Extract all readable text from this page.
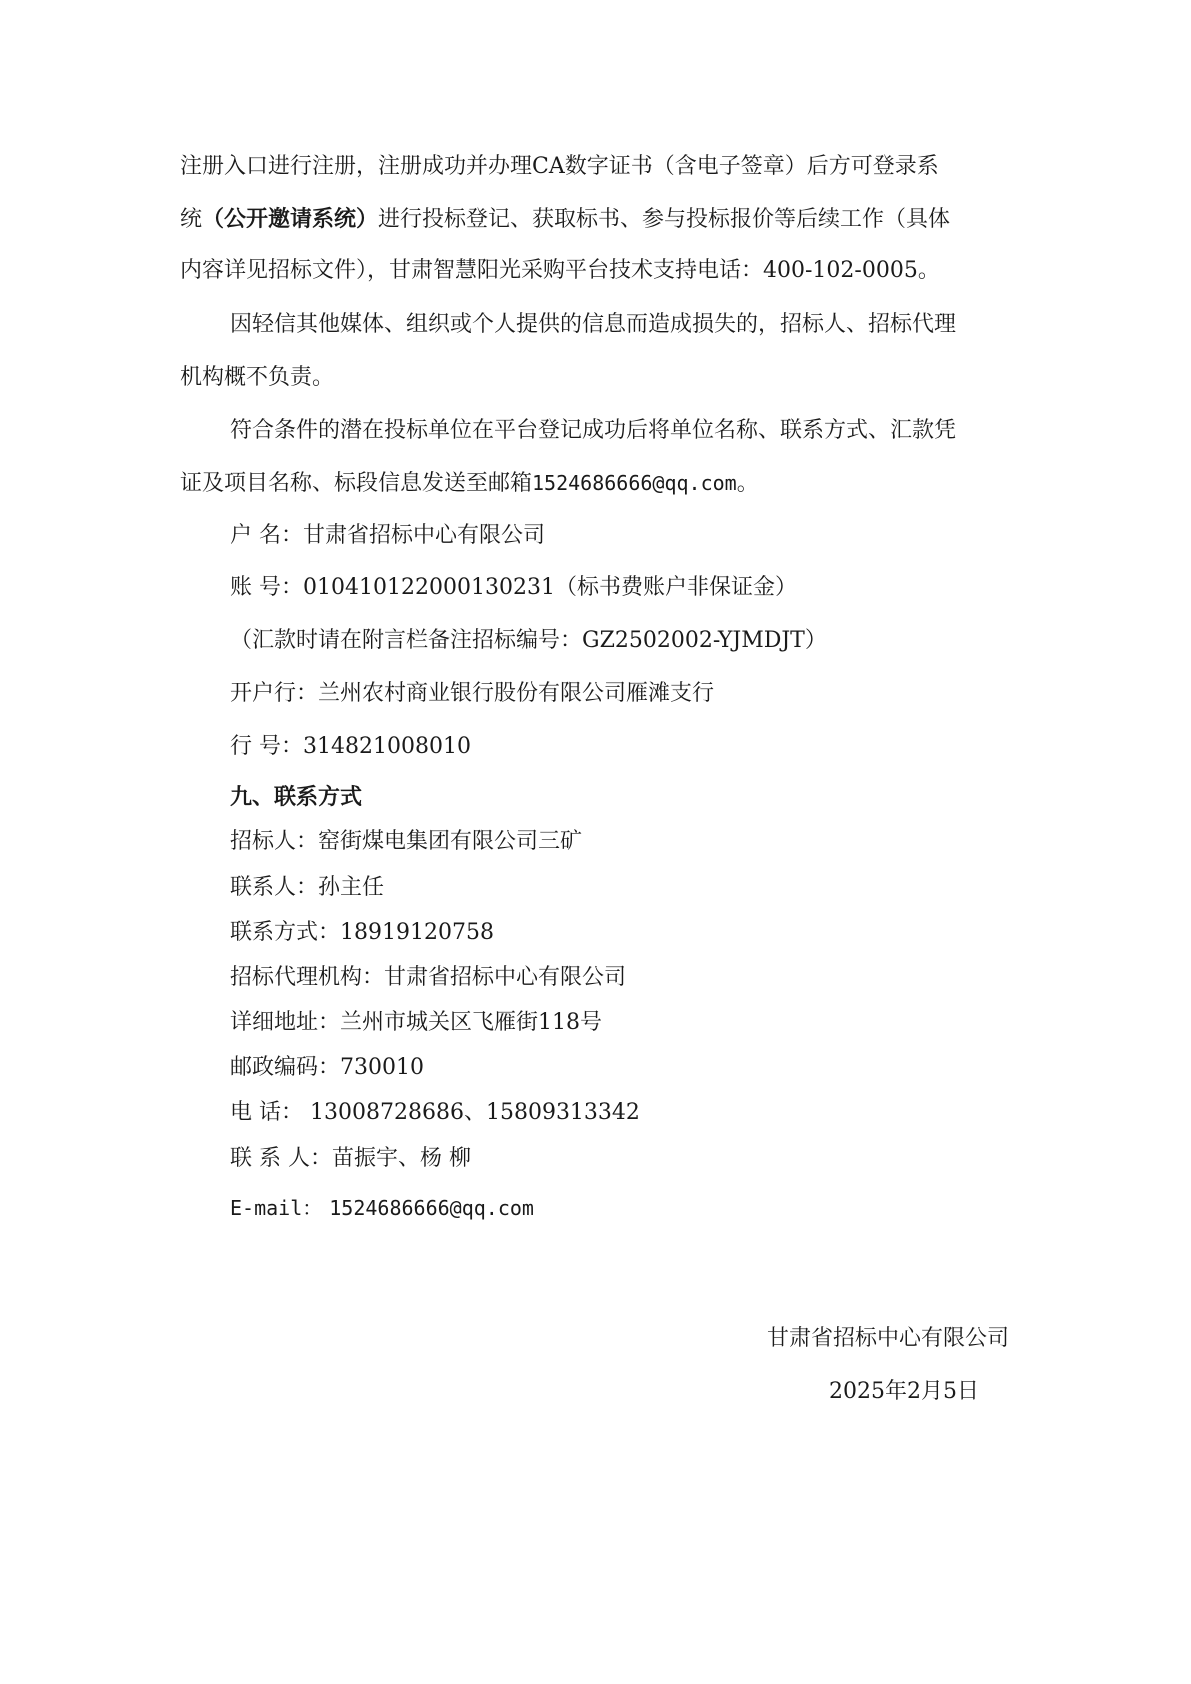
注册入口进行注册，注册成功并办理CA数字证书（含电子签章）后方可登录系
统（公开邀请系统）进行投标登记、获取标书、参与投标报价等后续工作（具体
内容详见招标文件），甘肃智慧阳光采购平台技术支持电话：400-102-0005。
因轻信其他媒体、组织或个人提供的信息而造成损失的，招标人、招标代理
机构概不负责。
符合条件的潜在投标单位在平台登记成功后将单位名称、联系方式、汇款凭
证及项目名称、标段信息发送至邮箱1524686666@qq.com。
户 名：甘肃省招标中心有限公司
账 号：010410122000130231（标书费账户非保证金）
（汇款时请在附言栏备注招标编号：GZ2502002-YJMDJT）
开户行：兰州农村商业银行股份有限公司雁滩支行
行 号：314821008010
九、联系方式
招标人：窑街煤电集团有限公司三矿
联系人：孙主任
联系方式：18919120758
招标代理机构：甘肃省招标中心有限公司
详细地址：兰州市城关区飞雁街118号
邮政编码：730010
电 话： 13008728686、15809313342
联 系 人：苗振宇、杨 柳
E-mail： 1524686666@qq.com
甘肃省招标中心有限公司
2025年2月5日
